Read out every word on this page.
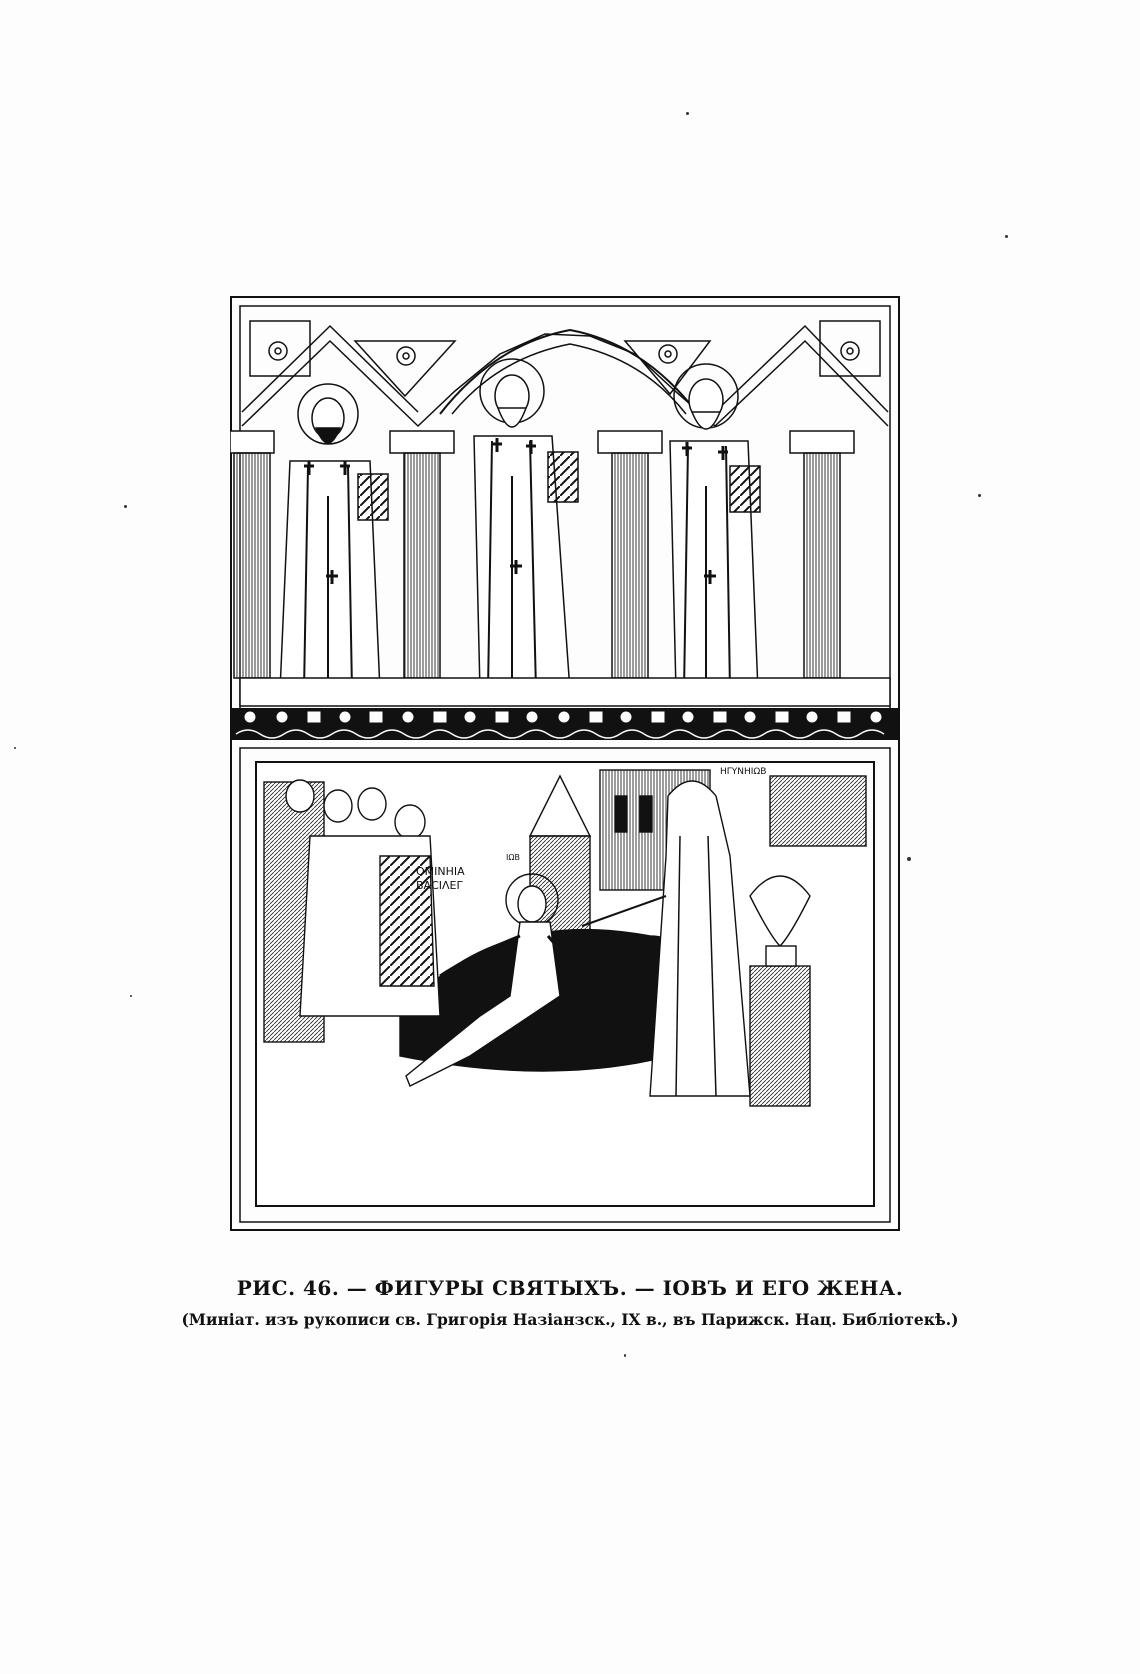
ΟΜΙΝΗΙΑ
ΒΑCΙΛΕΓ
ΙΩΒ
ΗΓΥΝΗΙΩΒ
РИС. 46. — ФИГУРЫ СВЯТЫХЪ. — ІОВЪ И ЕГО ЖЕНА.
(Миніат. изъ рукописи св. Григорія Назіанзск., IX в., въ Парижск. Нац. Библіотекѣ.)
